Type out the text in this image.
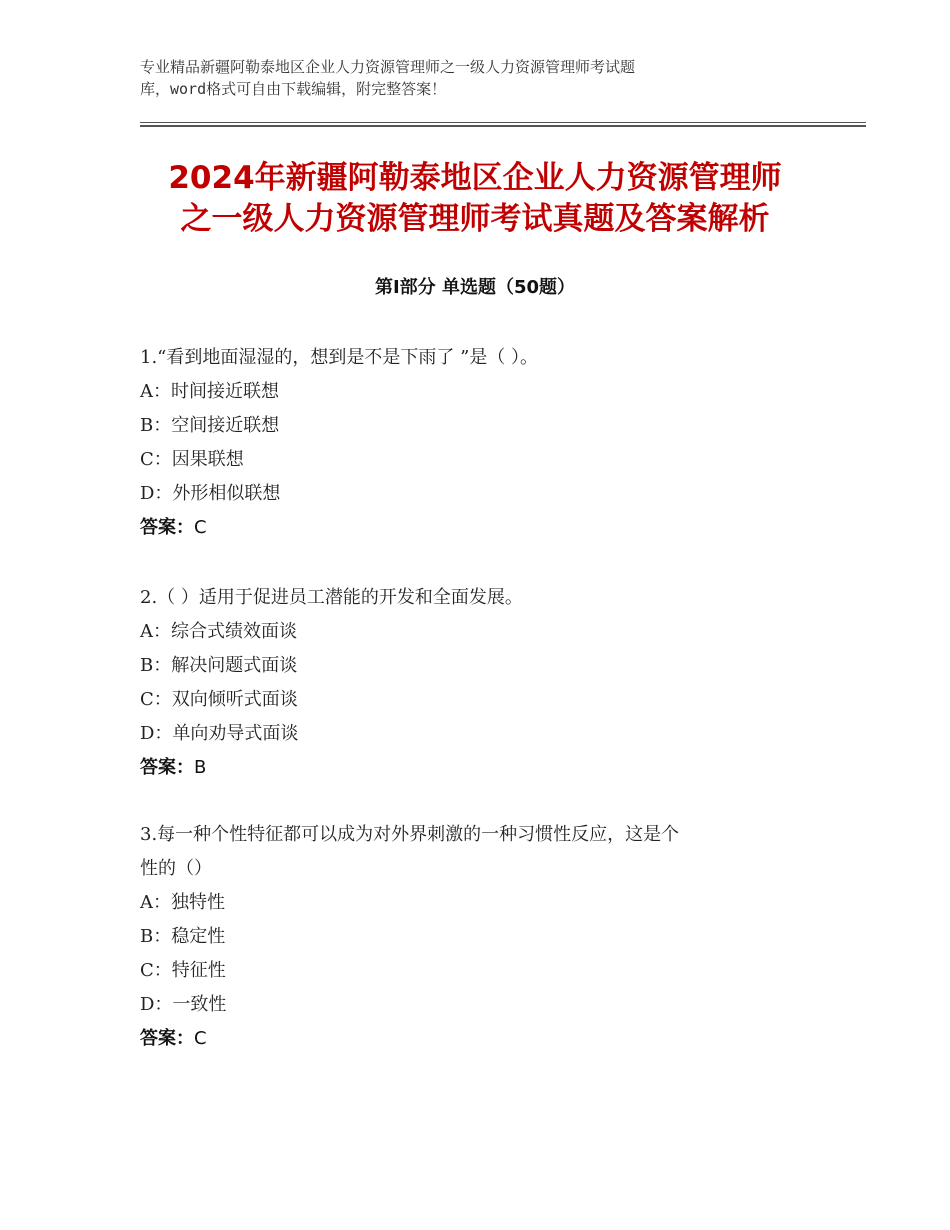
专业精品新疆阿勒泰地区企业人力资源管理师之一级人力资源管理师考试题
库，word格式可自由下载编辑，附完整答案！
2024年新疆阿勒泰地区企业人力资源管理师
之一级人力资源管理师考试真题及答案解析
第Ⅰ部分 单选题（50题）
1.“看到地面湿湿的，想到是不是下雨了 ”是（ ）。
A：时间接近联想
B：空间接近联想
C：因果联想
D：外形相似联想
答案：C
2.（ ）适用于促进员工潜能的开发和全面发展。
A：综合式绩效面谈
B：解决问题式面谈
C：双向倾听式面谈
D：单向劝导式面谈
答案：B
3.每一种个性特征都可以成为对外界刺激的一种习惯性反应，这是个
性的（）
A：独特性
B：稳定性
C：特征性
D：一致性
答案：C
